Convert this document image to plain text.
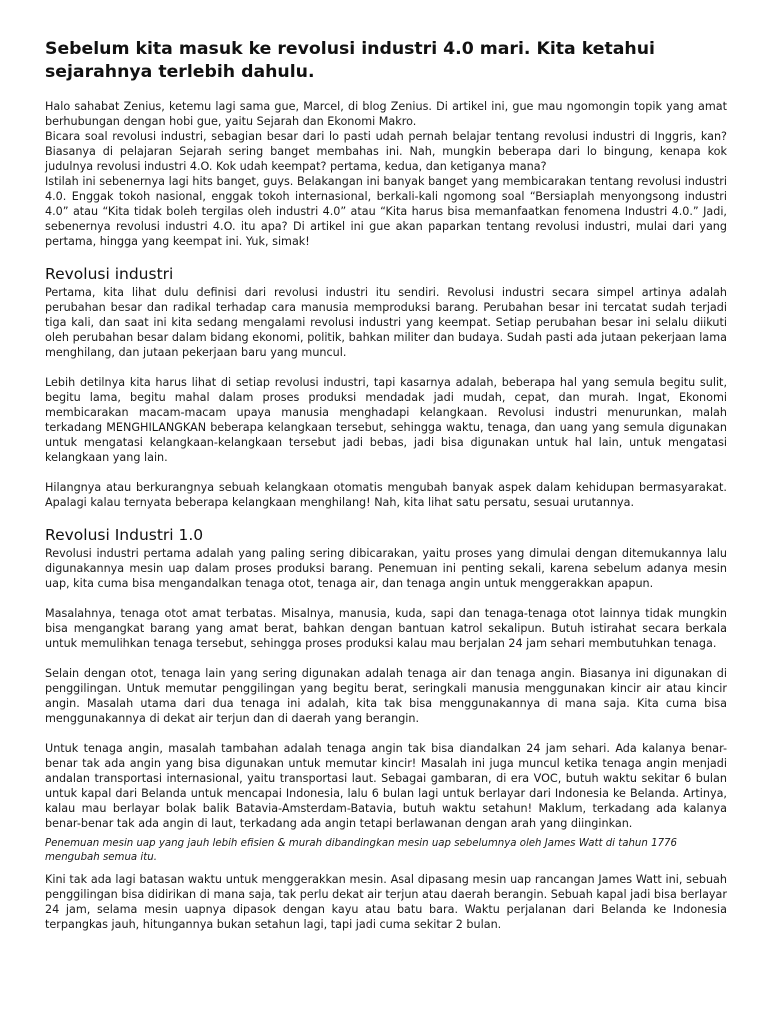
Sebelum kita masuk ke revolusi industri 4.0 mari. Kita ketahui sejarahnya terlebih dahulu.

Halo sahabat Zenius, ketemu lagi sama gue, Marcel, di blog Zenius. Di artikel ini, gue mau ngomongin topik yang amat berhubungan dengan hobi gue, yaitu Sejarah dan Ekonomi Makro.

Bicara soal revolusi industri, sebagian besar dari lo pasti udah pernah belajar tentang revolusi industri di Inggris, kan? Biasanya di pelajaran Sejarah sering banget membahas ini. Nah, mungkin beberapa dari lo bingung, kenapa kok judulnya revolusi industri 4.O. Kok udah keempat? pertama, kedua, dan ketiganya mana?

Istilah ini sebenernya lagi hits banget, guys. Belakangan ini banyak banget yang membicarakan tentang revolusi industri 4.0. Enggak tokoh nasional, enggak tokoh internasional, berkali-kali ngomong soal “Bersiaplah menyongsong industri 4.0” atau “Kita tidak boleh tergilas oleh industri 4.0” atau “Kita harus bisa memanfaatkan fenomena Industri 4.0.” Jadi, sebenernya revolusi industri 4.O. itu apa? Di artikel ini gue akan paparkan tentang revolusi industri, mulai dari yang pertama, hingga yang keempat ini. Yuk, simak!

Revolusi industri

Pertama, kita lihat dulu definisi dari revolusi industri itu sendiri. Revolusi industri secara simpel artinya adalah perubahan besar dan radikal terhadap cara manusia memproduksi barang. Perubahan besar ini tercatat sudah terjadi tiga kali, dan saat ini kita sedang mengalami revolusi industri yang keempat. Setiap perubahan besar ini selalu diikuti oleh perubahan besar dalam bidang ekonomi, politik, bahkan militer dan budaya. Sudah pasti ada jutaan pekerjaan lama menghilang, dan jutaan pekerjaan baru yang muncul.

Lebih detilnya kita harus lihat di setiap revolusi industri, tapi kasarnya adalah, beberapa hal yang semula begitu sulit, begitu lama, begitu mahal dalam proses produksi mendadak jadi mudah, cepat, dan murah. Ingat, Ekonomi membicarakan macam-macam upaya manusia menghadapi kelangkaan. Revolusi industri menurunkan, malah terkadang MENGHILANGKAN beberapa kelangkaan tersebut, sehingga waktu, tenaga, dan uang yang semula digunakan untuk mengatasi kelangkaan-kelangkaan tersebut jadi bebas, jadi bisa digunakan untuk hal lain, untuk mengatasi kelangkaan yang lain.

Hilangnya atau berkurangnya sebuah kelangkaan otomatis mengubah banyak aspek dalam kehidupan bermasyarakat. Apalagi kalau ternyata beberapa kelangkaan menghilang! Nah, kita lihat satu persatu, sesuai urutannya.

Revolusi Industri 1.0

Revolusi industri pertama adalah yang paling sering dibicarakan, yaitu proses yang dimulai dengan ditemukannya lalu digunakannya mesin uap dalam proses produksi barang. Penemuan ini penting sekali, karena sebelum adanya mesin uap, kita cuma bisa mengandalkan tenaga otot, tenaga air, dan tenaga angin untuk menggerakkan apapun.

Masalahnya, tenaga otot amat terbatas. Misalnya, manusia, kuda, sapi dan tenaga-tenaga otot lainnya tidak mungkin bisa mengangkat barang yang amat berat, bahkan dengan bantuan katrol sekalipun. Butuh istirahat secara berkala untuk memulihkan tenaga tersebut, sehingga proses produksi kalau mau berjalan 24 jam sehari membutuhkan tenaga.

Selain dengan otot, tenaga lain yang sering digunakan adalah tenaga air dan tenaga angin. Biasanya ini digunakan di penggilingan. Untuk memutar penggilingan yang begitu berat, seringkali manusia menggunakan kincir air atau kincir angin. Masalah utama dari dua tenaga ini adalah, kita tak bisa menggunakannya di mana saja. Kita cuma bisa menggunakannya di dekat air terjun dan di daerah yang berangin.

Untuk tenaga angin, masalah tambahan adalah tenaga angin tak bisa diandalkan 24 jam sehari. Ada kalanya benar-benar tak ada angin yang bisa digunakan untuk memutar kincir! Masalah ini juga muncul ketika tenaga angin menjadi andalan transportasi internasional, yaitu transportasi laut. Sebagai gambaran, di era VOC, butuh waktu sekitar 6 bulan untuk kapal dari Belanda untuk mencapai Indonesia, lalu 6 bulan lagi untuk berlayar dari Indonesia ke Belanda. Artinya, kalau mau berlayar bolak balik Batavia-Amsterdam-Batavia, butuh waktu setahun! Maklum, terkadang ada kalanya benar-benar tak ada angin di laut, terkadang ada angin tetapi berlawanan dengan arah yang diinginkan.

Penemuan mesin uap yang jauh lebih efisien & murah dibandingkan mesin uap sebelumnya oleh James Watt di tahun 1776 mengubah semua itu.

Kini tak ada lagi batasan waktu untuk menggerakkan mesin. Asal dipasang mesin uap rancangan James Watt ini, sebuah penggilingan bisa didirikan di mana saja, tak perlu dekat air terjun atau daerah berangin. Sebuah kapal jadi bisa berlayar 24 jam, selama mesin uapnya dipasok dengan kayu atau batu bara. Waktu perjalanan dari Belanda ke Indonesia terpangkas jauh, hitungannya bukan setahun lagi, tapi jadi cuma sekitar 2 bulan.
